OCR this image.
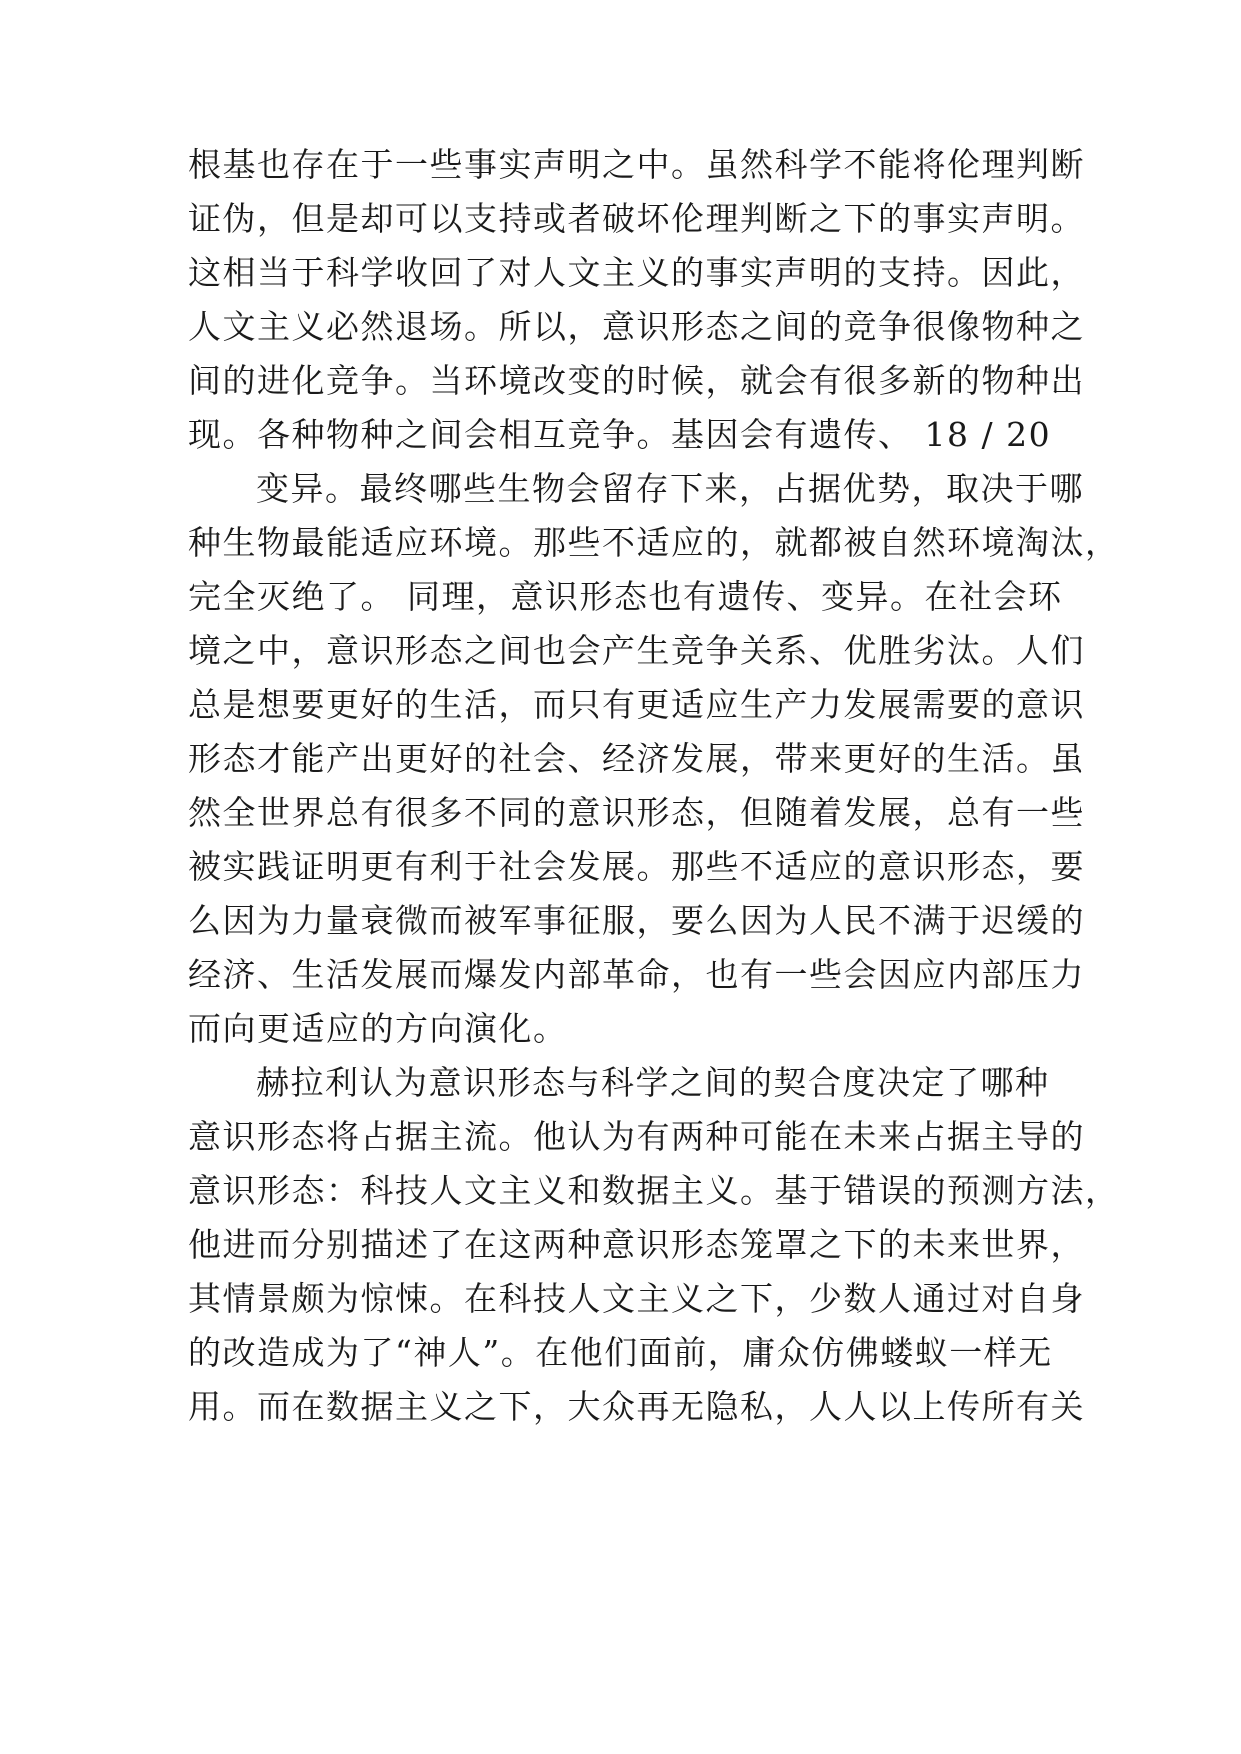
根基也存在于一些事实声明之中。虽然科学不能将伦理判断
证伪，但是却可以支持或者破坏伦理判断之下的事实声明。
这相当于科学收回了对人文主义的事实声明的支持。因此，
人文主义必然退场。所以，意识形态之间的竞争很像物种之
间的进化竞争。当环境改变的时候，就会有很多新的物种出
现。各种物种之间会相互竞争。基因会有遗传、 18 / 20
变异。最终哪些生物会留存下来，占据优势，取决于哪
种生物最能适应环境。那些不适应的，就都被自然环境淘汰，
完全灭绝了。 同理，意识形态也有遗传、变异。在社会环
境之中，意识形态之间也会产生竞争关系、优胜劣汰。人们
总是想要更好的生活，而只有更适应生产力发展需要的意识
形态才能产出更好的社会、经济发展，带来更好的生活。虽
然全世界总有很多不同的意识形态，但随着发展，总有一些
被实践证明更有利于社会发展。那些不适应的意识形态，要
么因为力量衰微而被军事征服，要么因为人民不满于迟缓的
经济、生活发展而爆发内部革命，也有一些会因应内部压力
而向更适应的方向演化。
赫拉利认为意识形态与科学之间的契合度决定了哪种
意识形态将占据主流。他认为有两种可能在未来占据主导的
意识形态：科技人文主义和数据主义。基于错误的预测方法，
他进而分别描述了在这两种意识形态笼罩之下的未来世界，
其情景颇为惊悚。在科技人文主义之下，少数人通过对自身
的改造成为了“神人”。在他们面前，庸众仿佛蝼蚁一样无
用。而在数据主义之下，大众再无隐私，人人以上传所有关
